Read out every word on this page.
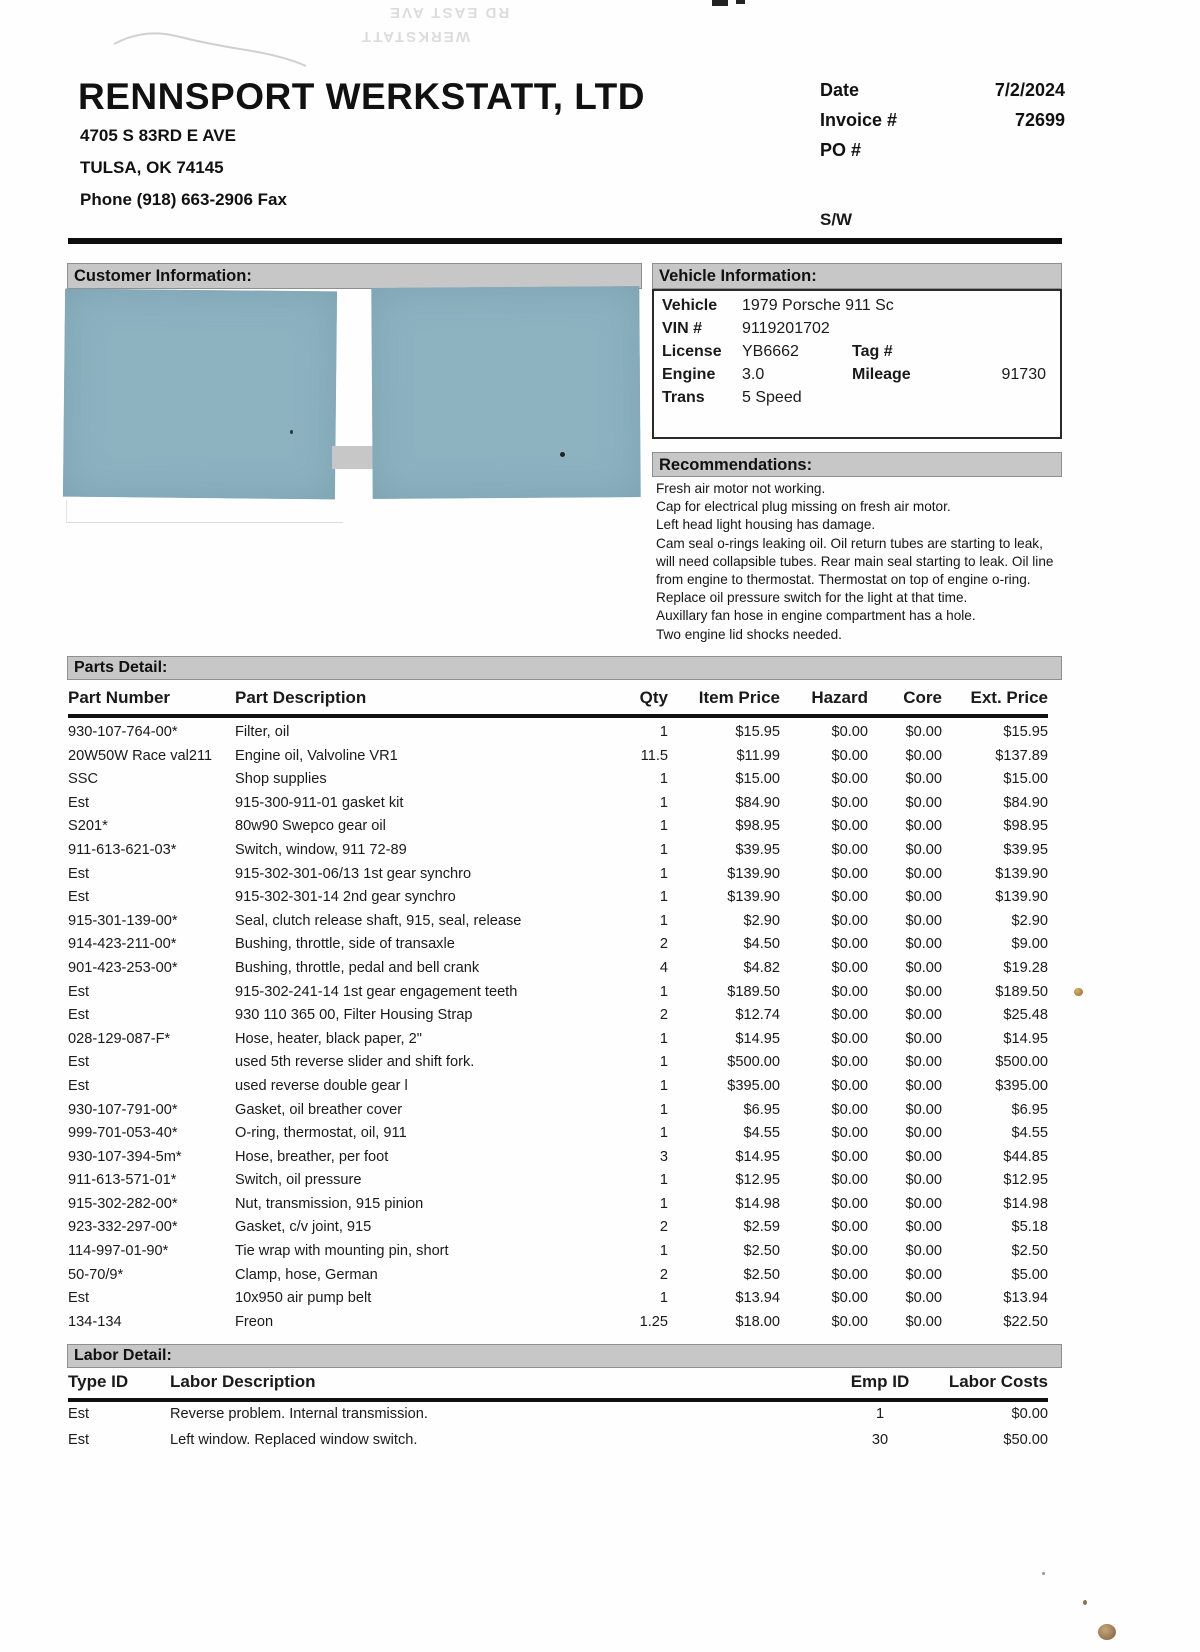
RD EAST AVE
WERKSTATT
RENNSPORT WERKSTATT, LTD
4705 S 83RD E AVE
TULSA, OK 74145
Phone (918) 663-2906 Fax
Date	7/2/2024
Invoice #	72699
PO #
S/W
Customer Information:	Vehicle Information:
Vehicle 1979 Porsche 911 Sc
VIN # 9119201702
License YB6662	Tag #
Engine 3.0	Mileage	91730
Trans 5 Speed
Recommendations:
Fresh air motor not working.
Cap for electrical plug missing on fresh air motor.
Left head light housing has damage.
Cam seal o-rings leaking oil. Oil return tubes are starting to leak, will need collapsible tubes. Rear main seal starting to leak. Oil line from engine to thermostat. Thermostat on top of engine o-ring. Replace oil pressure switch for the light at that time.
Auxillary fan hose in engine compartment has a hole.
Two engine lid shocks needed.
Parts Detail:
Part Number	Part Description	Qty	Item Price	Hazard	Core	Ext. Price
930-107-764-00*	Filter, oil	1	$15.95	$0.00	$0.00	$15.95
20W50W Race val211	Engine oil, Valvoline VR1	11.5	$11.99	$0.00	$0.00	$137.89
SSC	Shop supplies	1	$15.00	$0.00	$0.00	$15.00
Est	915-300-911-01 gasket kit	1	$84.90	$0.00	$0.00	$84.90
S201*	80w90 Swepco gear oil	1	$98.95	$0.00	$0.00	$98.95
911-613-621-03*	Switch, window, 911 72-89	1	$39.95	$0.00	$0.00	$39.95
Est	915-302-301-06/13 1st gear synchro	1	$139.90	$0.00	$0.00	$139.90
Est	915-302-301-14 2nd gear synchro	1	$139.90	$0.00	$0.00	$139.90
915-301-139-00*	Seal, clutch release shaft, 915, seal, release	1	$2.90	$0.00	$0.00	$2.90
914-423-211-00*	Bushing, throttle, side of transaxle	2	$4.50	$0.00	$0.00	$9.00
901-423-253-00*	Bushing, throttle, pedal and bell crank	4	$4.82	$0.00	$0.00	$19.28
Est	915-302-241-14 1st gear engagement teeth	1	$189.50	$0.00	$0.00	$189.50
Est	930 110 365 00, Filter Housing Strap	2	$12.74	$0.00	$0.00	$25.48
028-129-087-F*	Hose, heater, black paper, 2"	1	$14.95	$0.00	$0.00	$14.95
Est	used 5th reverse slider and shift fork.	1	$500.00	$0.00	$0.00	$500.00
Est	used reverse double gear l	1	$395.00	$0.00	$0.00	$395.00
930-107-791-00*	Gasket, oil breather cover	1	$6.95	$0.00	$0.00	$6.95
999-701-053-40*	O-ring, thermostat, oil, 911	1	$4.55	$0.00	$0.00	$4.55
930-107-394-5m*	Hose, breather, per foot	3	$14.95	$0.00	$0.00	$44.85
911-613-571-01*	Switch, oil pressure	1	$12.95	$0.00	$0.00	$12.95
915-302-282-00*	Nut, transmission, 915 pinion	1	$14.98	$0.00	$0.00	$14.98
923-332-297-00*	Gasket, c/v joint, 915	2	$2.59	$0.00	$0.00	$5.18
114-997-01-90*	Tie wrap with mounting pin, short	1	$2.50	$0.00	$0.00	$2.50
50-70/9*	Clamp, hose, German	2	$2.50	$0.00	$0.00	$5.00
Est	10x950 air pump belt	1	$13.94	$0.00	$0.00	$13.94
134-134	Freon	1.25	$18.00	$0.00	$0.00	$22.50
Labor Detail:
Type ID	Labor Description	Emp ID	Labor Costs
Est	Reverse problem. Internal transmission.	1	$0.00
Est	Left window. Replaced window switch.	30	$50.00
